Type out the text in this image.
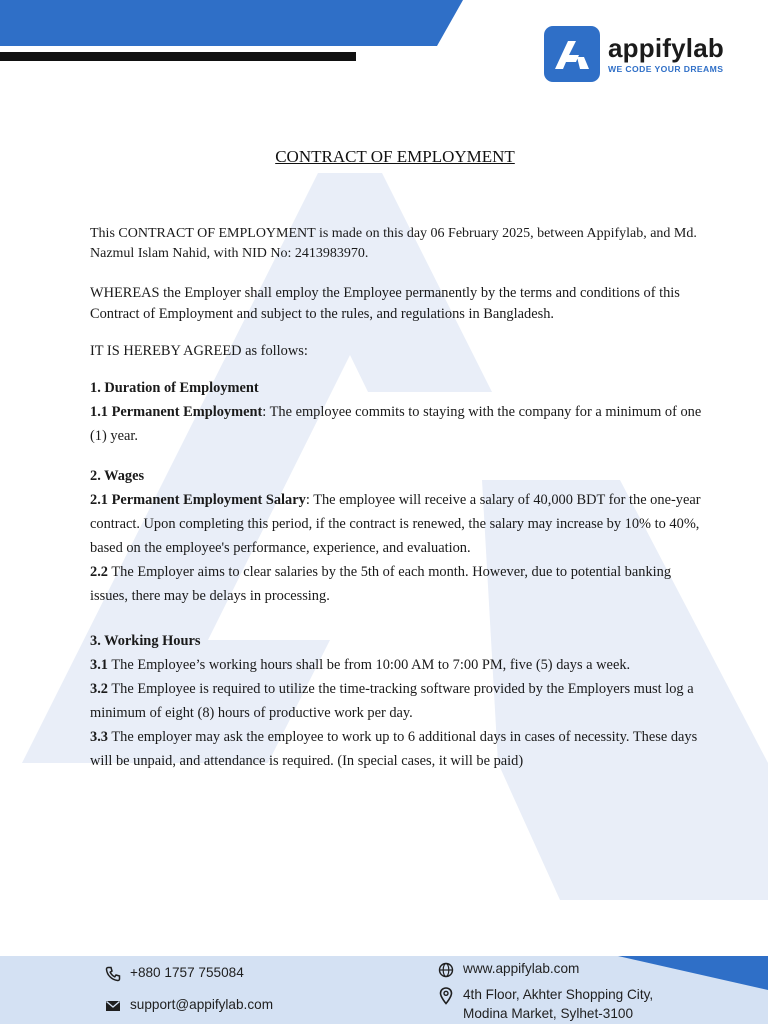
appifylab
WE CODE YOUR DREAMS
CONTRACT OF EMPLOYMENT

This CONTRACT OF EMPLOYMENT is made on this day 06 February 2025, between Appifylab, and Md. Nazmul Islam Nahid, with NID No: 2413983970.

WHEREAS the Employer shall employ the Employee permanently by the terms and conditions of this Contract of Employment and subject to the rules, and regulations in Bangladesh.

IT IS HEREBY AGREED as follows:

1. Duration of Employment

1.1 Permanent Employment: The employee commits to staying with the company for a minimum of one (1) year.

2. Wages

2.1 Permanent Employment Salary: The employee will receive a salary of 40,000 BDT for the one-year contract. Upon completing this period, if the contract is renewed, the salary may increase by 10% to 40%, based on the employee's performance, experience, and evaluation.

2.2 The Employer aims to clear salaries by the 5th of each month. However, due to potential banking issues, there may be delays in processing.

3. Working Hours

3.1 The Employee’s working hours shall be from 10:00 AM to 7:00 PM, five (5) days a week.

3.2 The Employee is required to utilize the time-tracking software provided by the Employers must log a minimum of eight (8) hours of productive work per day.

3.3 The employer may ask the employee to work up to 6 additional days in cases of necessity. These days will be unpaid, and attendance is required. (In special cases, it will be paid)

+880 1757 755084
support@appifylab.com
www.appifylab.com
4th Floor, Akhter Shopping City,
Modina Market, Sylhet-3100
